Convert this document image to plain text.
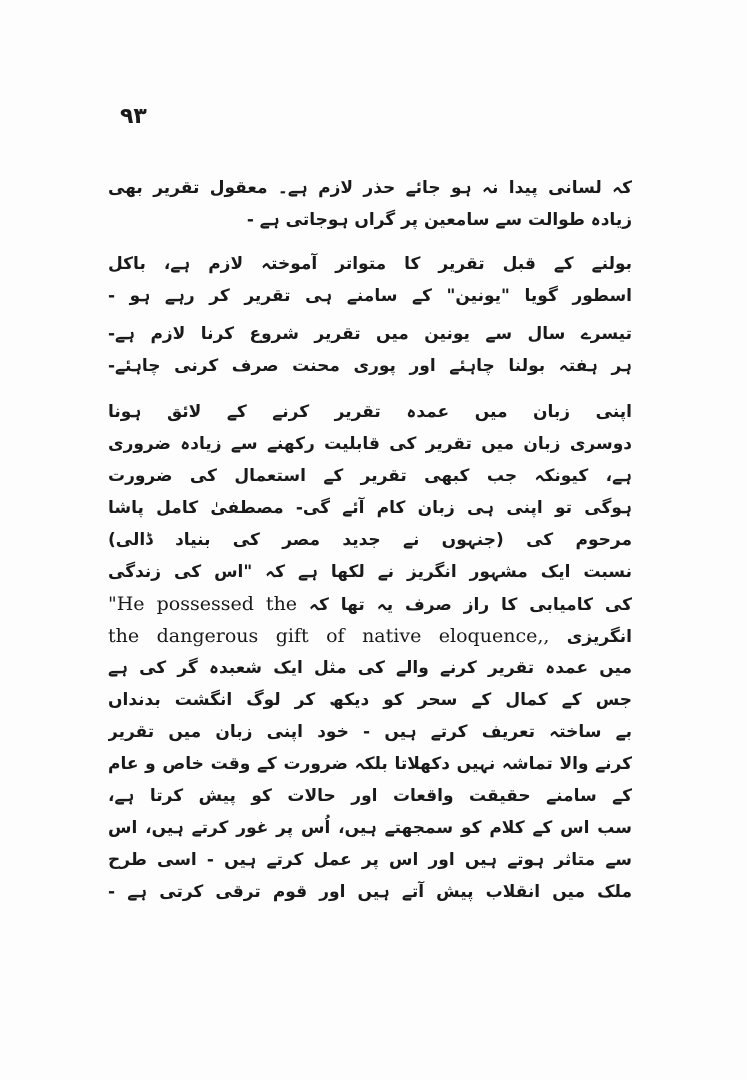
۹۳
کہ لسانی پیدا نہ ہو جائے حذر لازم ہے۔ معقول تقریر بھی
زیادہ طوالت سے سامعین پر گراں ہوجاتی ہے -
بولنے کے قبل تقریر کا متواتر آموختہ لازم ہے، باکل
اسطور گویا "یونین" کے سامنے ہی تقریر کر رہے ہو -
تیسرے سال سے یونین میں تقریر شروع کرنا لازم ہے-
ہر ہفتہ بولنا چاہئے اور پوری محنت صرف کرنی چاہئے-
اپنی زبان میں عمدہ تقریر کرنے کے لائق ہونا
دوسری زبان میں تقریر کی قابلیت رکھنے سے زیادہ ضروری
ہے، کیونکہ جب کبھی تقریر کے استعمال کی ضرورت
ہوگی تو اپنی ہی زبان کام آئے گی- مصطفیٰ کامل پاشا
مرحوم کی (جنہوں نے جدید مصر کی بنیاد ڈالی)
نسبت ایک مشہور انگریز نے لکھا ہے کہ "اس کی زندگی
کی کامیابی کا راز صرف یہ تھا کہ "He possessed the
انگریزی the dangerous gift of native eloquence,,
میں عمدہ تقریر کرنے والے کی مثل ایک شعبدہ گر کی ہے
جس کے کمال کے سحر کو دیکھ کر لوگ انگشت بدنداں
بے ساختہ تعریف کرتے ہیں - خود اپنی زبان میں تقریر
کرنے والا تماشہ نہیں دکھلاتا بلکہ ضرورت کے وقت خاص و عام
کے سامنے حقیقت واقعات اور حالات کو پیش کرتا ہے،
سب اس کے کلام کو سمجھتے ہیں، اُس پر غور کرتے ہیں، اس
سے متاثر ہوتے ہیں اور اس پر عمل کرتے ہیں - اسی طرح
ملک میں انقلاب پیش آتے ہیں اور قوم ترقی کرتی ہے -
